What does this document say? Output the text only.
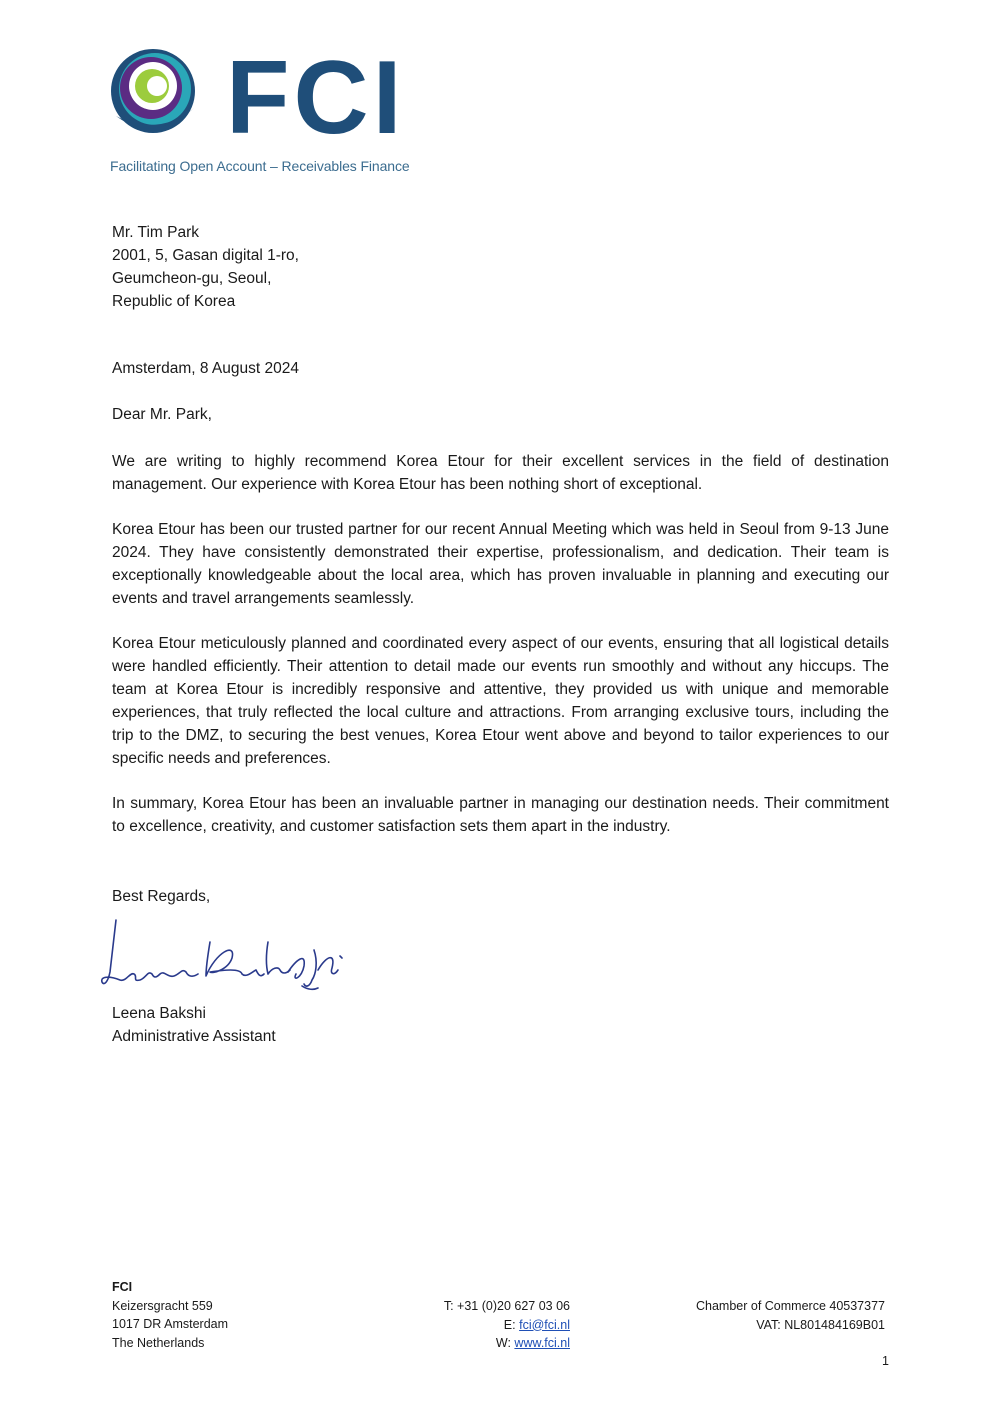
FCI
Facilitating Open Account – Receivables Finance
Mr. Tim Park
2001, 5, Gasan digital 1-ro,
Geumcheon-gu, Seoul,
Republic of Korea
Amsterdam, 8 August 2024
Dear Mr. Park,

We are writing to highly recommend Korea Etour for their excellent services in the field of destination management. Our experience with Korea Etour has been nothing short of exceptional.

Korea Etour has been our trusted partner for our recent Annual Meeting which was held in Seoul from 9-13 June 2024. They have consistently demonstrated their expertise, professionalism, and dedication. Their team is exceptionally knowledgeable about the local area, which has proven invaluable in planning and executing our events and travel arrangements seamlessly.

Korea Etour meticulously planned and coordinated every aspect of our events, ensuring that all logistical details were handled efficiently. Their attention to detail made our events run smoothly and without any hiccups. The team at Korea Etour is incredibly responsive and attentive, they provided us with unique and memorable experiences, that truly reflected the local culture and attractions. From arranging exclusive tours, including the trip to the DMZ, to securing the best venues, Korea Etour went above and beyond to tailor experiences to our specific needs and preferences.

In summary, Korea Etour has been an invaluable partner in managing our destination needs. Their commitment to excellence, creativity, and customer satisfaction sets them apart in the industry.

Best Regards,
Leena Bakshi
Administrative Assistant
FCI
Keizersgracht 559
1017 DR Amsterdam
The Netherlands
T: +31 (0)20 627 03 06
E: fci@fci.nl
W: www.fci.nl
Chamber of Commerce 40537377
VAT: NL801484169B01
1
